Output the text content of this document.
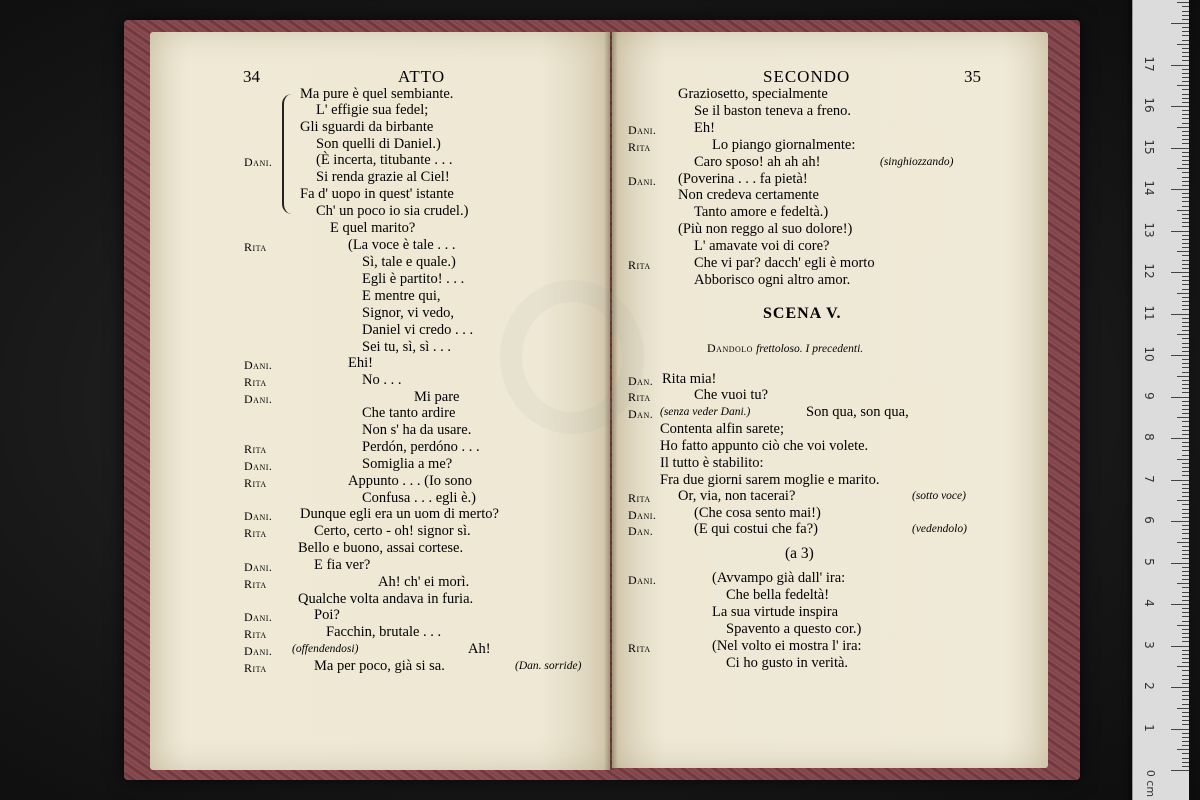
34	ATTO	SECONDO	35
Ma pure è quel sembiante.
L' effigie sua fedel;
Gli sguardi da birbante
Son quelli di Daniel.)
Dani.	(È incerta, titubante . . .
Si renda grazie al Ciel!
Fa d' uopo in quest' istante
Ch' un poco io sia crudel.)
E quel marito?
Rita	(La voce è tale . . .
Sì, tale e quale.)
Egli è partito! . . .
E mentre qui,
Signor, vi vedo,
Daniel vi credo . . .
Sei tu, sì, sì . . .
Dani.	Ehi!
Rita	No . . .
Dani.	Mi pare
Che tanto ardire
Non s' ha da usare.
Rita	Perdón, perdóno . . .
Dani.	Somiglia a me?
Rita	Appunto . . . (Io sono
Confusa . . . egli è.)
Dani. Dunque egli era un uom di merto?
Rita	Certo, certo - oh! signor sì.
Bello e buono, assai cortese.
Dani.	E fia ver?
Rita	Ah! ch' ei morì.
Qualche volta andava in furia.
Dani.	Poi?
Rita	Facchin, brutale . . .
Dani.	Ah!
(offendendosi)
Rita	Ma per poco, già si sa.	(Dan. sorride)
Graziosetto, specialmente
Se il baston teneva a freno.
Dani.	Eh!
Rita	Lo piango giornalmente:
Caro sposo! ah ah ah!	(singhiozzando)
Dani. (Poverina . . . fa pietà!
Non credeva certamente
Tanto amore e fedeltà.)
(Più non reggo al suo dolore!)
L' amavate voi di core?
Rita	Che vi par? dacch' egli è morto
Abborisco ogni altro amor.
Dan. Rita mia!
Rita	Che vuoi tu?
Dan.	Son qua, son qua,
(senza veder Dani.)
Contenta alfin sarete;
Ho fatto appunto ciò che voi volete.
Il tutto è stabilito:
Fra due giorni sarem moglie e marito.
Rita Or, via, non tacerai?	(sotto voce)
Dani.	(Che cosa sento mai!)
Dan.	(E qui costui che fa?)	(vedendolo)
Dani.	(Avvampo già dall' ira:
Che bella fedeltà!
La sua virtude inspira
Spavento a questo cor.)
Rita	(Nel volto ei mostra l' ira:
Ci ho gusto in verità.
SCENA V.
Dandolo frettoloso. I precedenti.
(a 3)
17
16
15
14
13
12
11
10
9
8
7
6
5
4
3
2
1
0 cm
